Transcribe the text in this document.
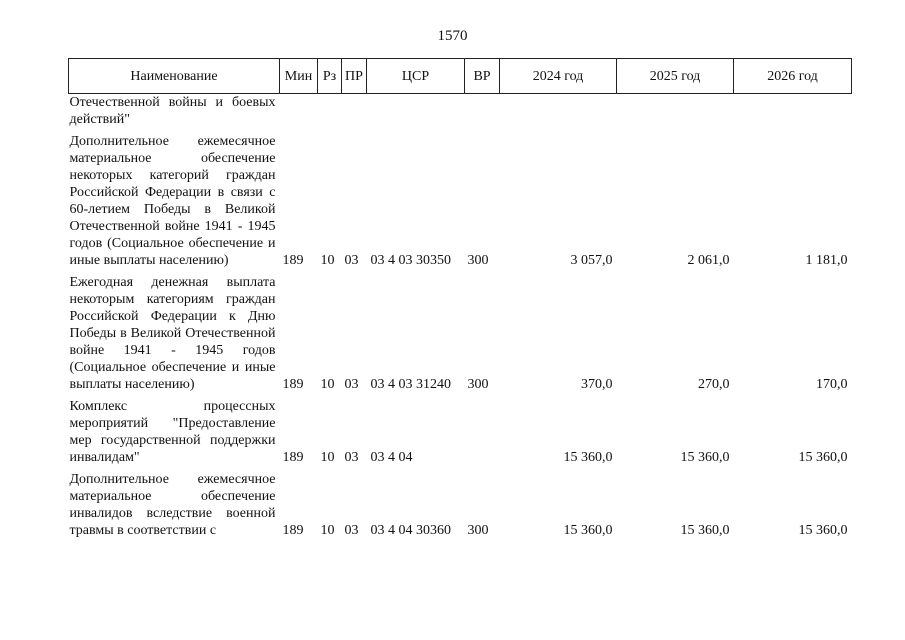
1570
Наименование	Мин	Рз	ПР	ЦСР	ВР	2024 год	2025 год	2026 год
Отечественной войны и боевых действий"								
Дополнительное ежемесячное материальное обеспечение некоторых категорий граждан Российской Федерации в связи с 60-летием Победы в Великой Отечественной войне 1941 - 1945 годов (Социальное обеспечение и иные выплаты населению)	189	10	03	03 4 03 30350	300	3 057,0	2 061,0	1 181,0
Ежегодная денежная выплата некоторым категориям граждан Российской Федерации к Дню Победы в Великой Отечественной войне 1941 - 1945 годов (Социальное обеспечение и иные выплаты населению)	189	10	03	03 4 03 31240	300	370,0	270,0	170,0
Комплекс процессных мероприятий "Предоставление мер государственной поддержки инвалидам"	189	10	03	03 4 04		15 360,0	15 360,0	15 360,0
Дополнительное ежемесячное материальное обеспечение инвалидов вследствие военной травмы в соответствии с	189	10	03	03 4 04 30360	300	15 360,0	15 360,0	15 360,0
